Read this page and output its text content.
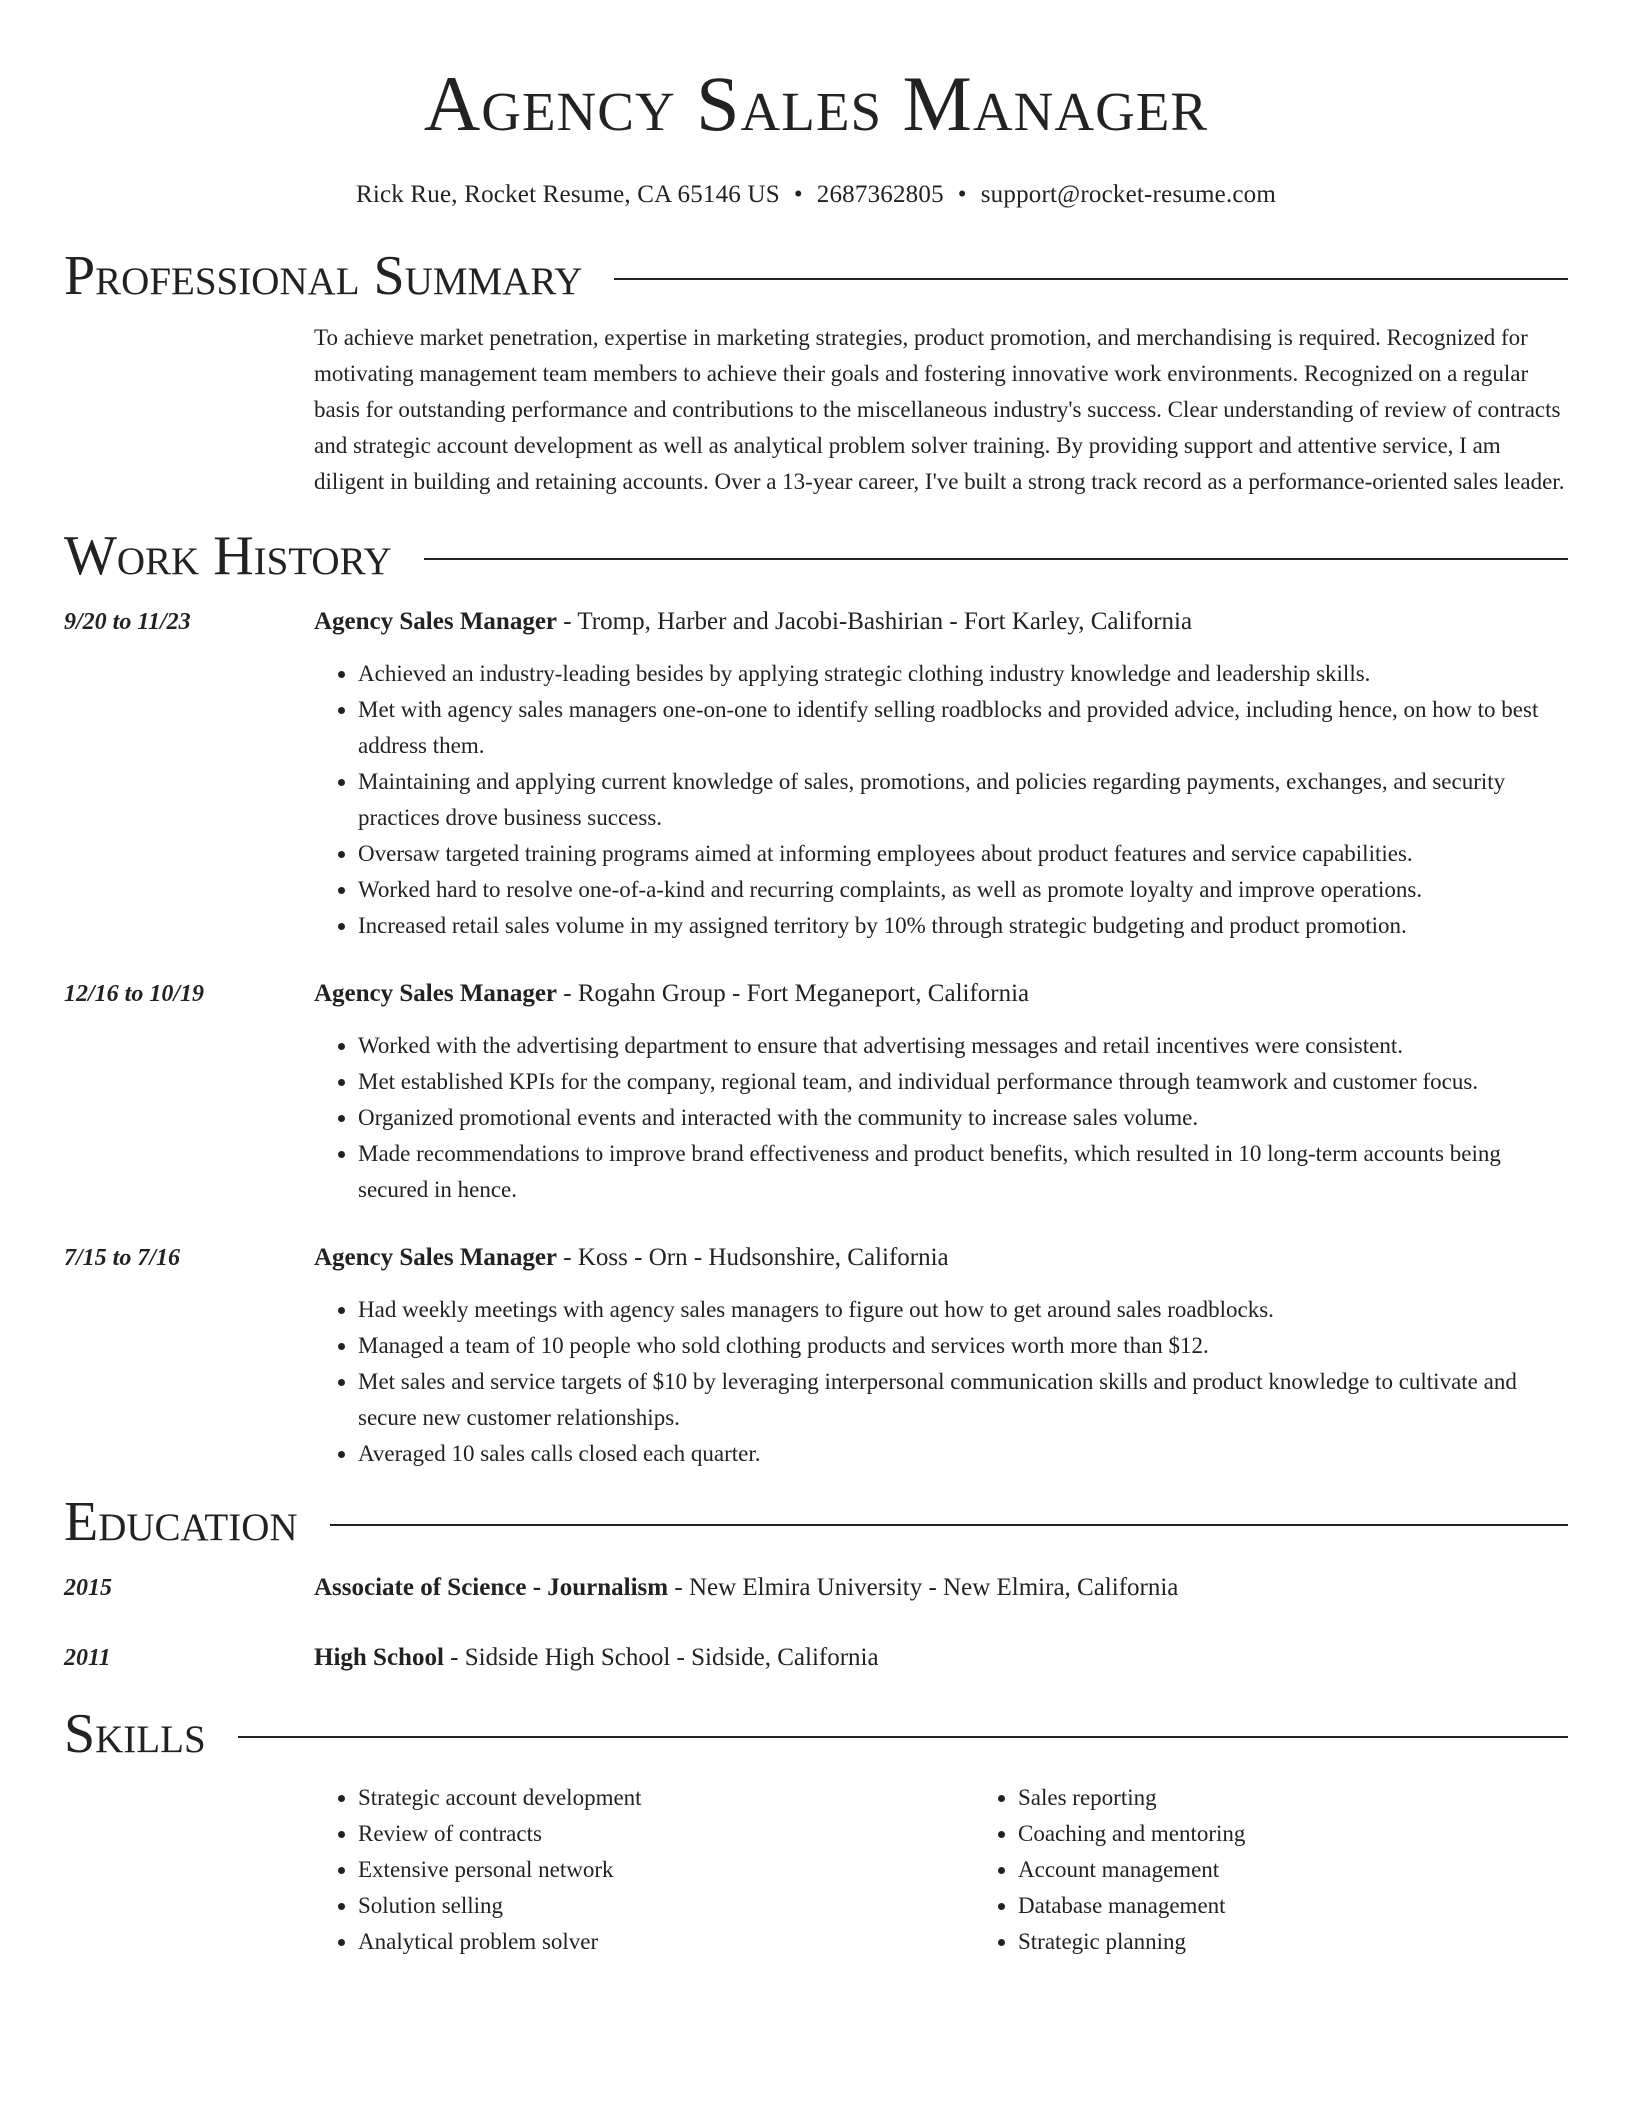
Agency Sales Manager
Rick Rue, Rocket Resume, CA 65146 US • 2687362805 • support@rocket-resume.com
Professional Summary
To achieve market penetration, expertise in marketing strategies, product promotion, and merchandising is required. Recognized for motivating management team members to achieve their goals and fostering innovative work environments. Recognized on a regular basis for outstanding performance and contributions to the miscellaneous industry's success. Clear understanding of review of contracts and strategic account development as well as analytical problem solver training. By providing support and attentive service, I am diligent in building and retaining accounts. Over a 13-year career, I've built a strong track record as a performance-oriented sales leader.
Work History
9/20 to 11/23	Agency Sales Manager - Tromp, Harber and Jacobi-Bashirian - Fort Karley, California
• Achieved an industry-leading besides by applying strategic clothing industry knowledge and leadership skills.
• Met with agency sales managers one-on-one to identify selling roadblocks and provided advice, including hence, on how to best address them.
• Maintaining and applying current knowledge of sales, promotions, and policies regarding payments, exchanges, and security practices drove business success.
• Oversaw targeted training programs aimed at informing employees about product features and service capabilities.
• Worked hard to resolve one-of-a-kind and recurring complaints, as well as promote loyalty and improve operations.
• Increased retail sales volume in my assigned territory by 10% through strategic budgeting and product promotion.
12/16 to 10/19	Agency Sales Manager - Rogahn Group - Fort Meganeport, California
• Worked with the advertising department to ensure that advertising messages and retail incentives were consistent.
• Met established KPIs for the company, regional team, and individual performance through teamwork and customer focus.
• Organized promotional events and interacted with the community to increase sales volume.
• Made recommendations to improve brand effectiveness and product benefits, which resulted in 10 long-term accounts being secured in hence.
7/15 to 7/16	Agency Sales Manager - Koss - Orn - Hudsonshire, California
• Had weekly meetings with agency sales managers to figure out how to get around sales roadblocks.
• Managed a team of 10 people who sold clothing products and services worth more than $12.
• Met sales and service targets of $10 by leveraging interpersonal communication skills and product knowledge to cultivate and secure new customer relationships.
• Averaged 10 sales calls closed each quarter.
Education
2015	Associate of Science - Journalism - New Elmira University - New Elmira, California
2011	High School - Sidside High School - Sidside, California
Skills
• Strategic account development
• Review of contracts
• Extensive personal network
• Solution selling
• Analytical problem solver
• Sales reporting
• Coaching and mentoring
• Account management
• Database management
• Strategic planning
